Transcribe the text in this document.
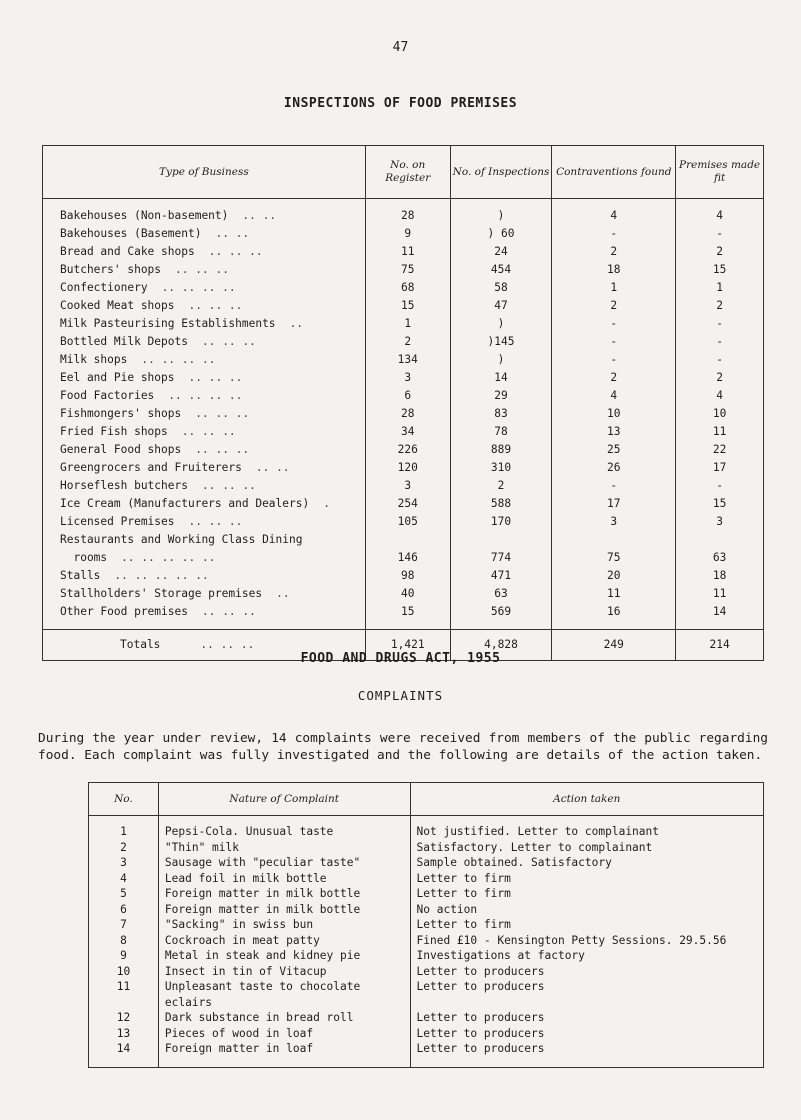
47
INSPECTIONS OF FOOD PREMISES
Type of Business	No. on Register	No. of Inspections	Contraventions found	Premises made fit
Bakehouses (Non-basement) .. ..	28	)	4	4
Bakehouses (Basement) .. ..	9	) 60	-	-
Bread and Cake shops .. .. ..	11	24	2	2
Butchers' shops .. .. ..	75	454	18	15
Confectionery .. .. .. ..	68	58	1	1
Cooked Meat shops .. .. ..	15	47	2	2
Milk Pasteurising Establishments ..	1	)	-	-
Bottled Milk Depots .. .. ..	2	)145	-	-
Milk shops .. .. .. ..	134	)	-	-
Eel and Pie shops .. .. ..	3	14	2	2
Food Factories .. .. .. ..	6	29	4	4
Fishmongers' shops .. .. ..	28	83	10	10
Fried Fish shops .. .. ..	34	78	13	11
General Food shops .. .. ..	226	889	25	22
Greengrocers and Fruiterers .. ..	120	310	26	17
Horseflesh butchers .. .. ..	3	2	-	-
Ice Cream (Manufacturers and Dealers) .	254	588	17	15
Licensed Premises .. .. ..	105	170	3	3
Restaurants and Working Class Dining				
rooms .. .. .. .. ..	146	774	75	63
Stalls .. .. .. .. ..	98	471	20	18
Stallholders' Storage premises ..	40	63	11	11
Other Food premises .. .. ..	15	569	16	14
Totals .. .. ..	1,421	4,828	249	214
FOOD AND DRUGS ACT, 1955
COMPLAINTS
During the year under review, 14 complaints were received from members of the public regarding food. Each complaint was fully investigated and the following are details of the action taken.
No.	Nature of Complaint	Action taken
1	Pepsi-Cola. Unusual taste	Not justified. Letter to complainant
2	"Thin" milk	Satisfactory. Letter to complainant
3	Sausage with "peculiar taste"	Sample obtained. Satisfactory
4	Lead foil in milk bottle	Letter to firm
5	Foreign matter in milk bottle	Letter to firm
6	Foreign matter in milk bottle	No action
7	"Sacking" in swiss bun	Letter to firm
8	Cockroach in meat patty	Fined £10 - Kensington Petty Sessions. 29.5.56
9	Metal in steak and kidney pie	Investigations at factory
10	Insect in tin of Vitacup	Letter to producers
11	Unpleasant taste to chocolate eclairs	Letter to producers
12	Dark substance in bread roll	Letter to producers
13	Pieces of wood in loaf	Letter to producers
14	Foreign matter in loaf	Letter to producers
